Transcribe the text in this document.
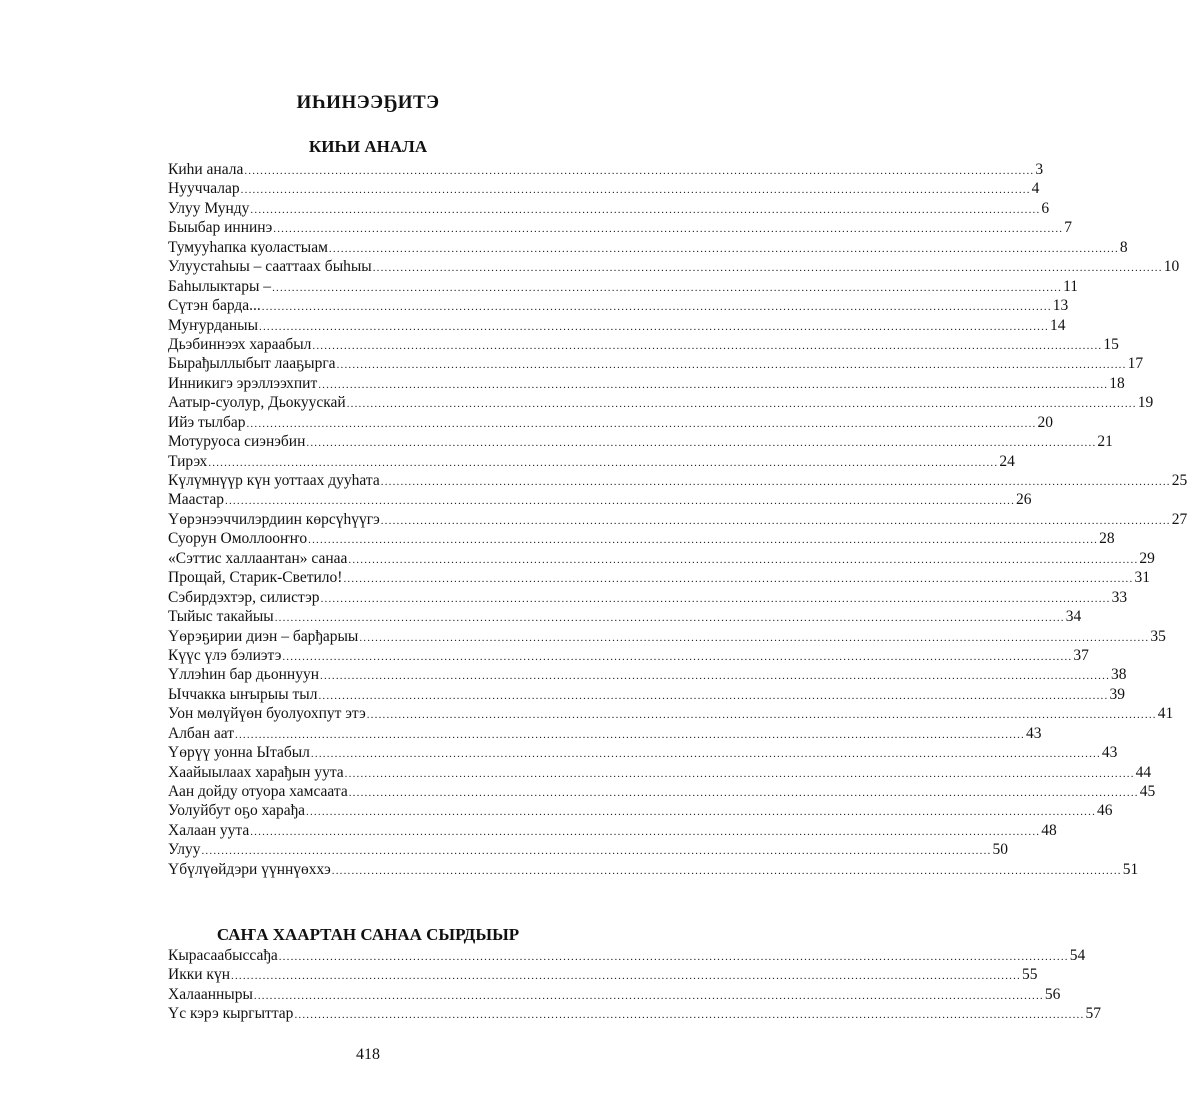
ИҺИНЭЭҔИТЭ
КИҺИ АНАЛА
Киһи анала ........................................................................................................................................................................................................ 3
Нууччалар ........................................................................................................................................................................................................ 4
Улуу Мунду ........................................................................................................................................................................................................ 6
Быыбар иннинэ ........................................................................................................................................................................................................ 7
Тумууһапка куоластыам ........................................................................................................................................................................................................ 8
Улуустаһыы – сааттаах быһыы ........................................................................................................................................................................................................ 10
Баһылыктары – ........................................................................................................................................................................................................ 11
Сүтэн барда... ........................................................................................................................................................................................................ 13
Муҥурданыы ........................................................................................................................................................................................................ 14
Дьэбиннээх хараабыл ........................................................................................................................................................................................................ 15
Бырађыллыбыт лааҕырга ........................................................................................................................................................................................................ 17
Инникигэ эрэллээхпит ........................................................................................................................................................................................................ 18
Аатыр-суолур, Дьокуускай ........................................................................................................................................................................................................ 19
Ийэ тылбар ........................................................................................................................................................................................................ 20
Мотуруоса сиэнэбин ........................................................................................................................................................................................................ 21
Тирэх ........................................................................................................................................................................................................ 24
Күлүмнүүр күн уоттаах дууһата ........................................................................................................................................................................................................ 25
Маастар ........................................................................................................................................................................................................ 26
Үөрэнээччилэрдиин көрсүһүүгэ ........................................................................................................................................................................................................ 27
Суорун Омоллооҥҥо ........................................................................................................................................................................................................ 28
«Сэттис халлаантан» санаа ........................................................................................................................................................................................................ 29
Прощай, Старик-Светило! ........................................................................................................................................................................................................ 31
Сэбирдэхтэр, силистэр ........................................................................................................................................................................................................ 33
Тыйыс такайыы ........................................................................................................................................................................................................ 34
Үөрэҕирии диэн – барђарыы ........................................................................................................................................................................................................ 35
Күүс үлэ бэлиэтэ ........................................................................................................................................................................................................ 37
Үллэһин бар дьоннуун ........................................................................................................................................................................................................ 38
Ыччакка ыҥырыы тыл ........................................................................................................................................................................................................ 39
Уон мөлүйүөн буолуохпут этэ ........................................................................................................................................................................................................ 41
Албан аат ........................................................................................................................................................................................................ 43
Үөрүү уонна Ытабыл ........................................................................................................................................................................................................ 43
Хаайыылаах харађын уута ........................................................................................................................................................................................................ 44
Аан дойду отуора хамсаата ........................................................................................................................................................................................................ 45
Уолуйбут оҕо харађа ........................................................................................................................................................................................................ 46
Халаан уута ........................................................................................................................................................................................................ 48
Улуу ........................................................................................................................................................................................................ 50
Үбүлүөйдэри үүннүөххэ ........................................................................................................................................................................................................ 51
САҤА ХААРТАН САНАА СЫРДЫЫР
Кырасаабыссађа ........................................................................................................................................................................................................ 54
Икки күн ........................................................................................................................................................................................................ 55
Халаанныры ........................................................................................................................................................................................................ 56
Үс кэрэ кыргыттар ........................................................................................................................................................................................................ 57
418
